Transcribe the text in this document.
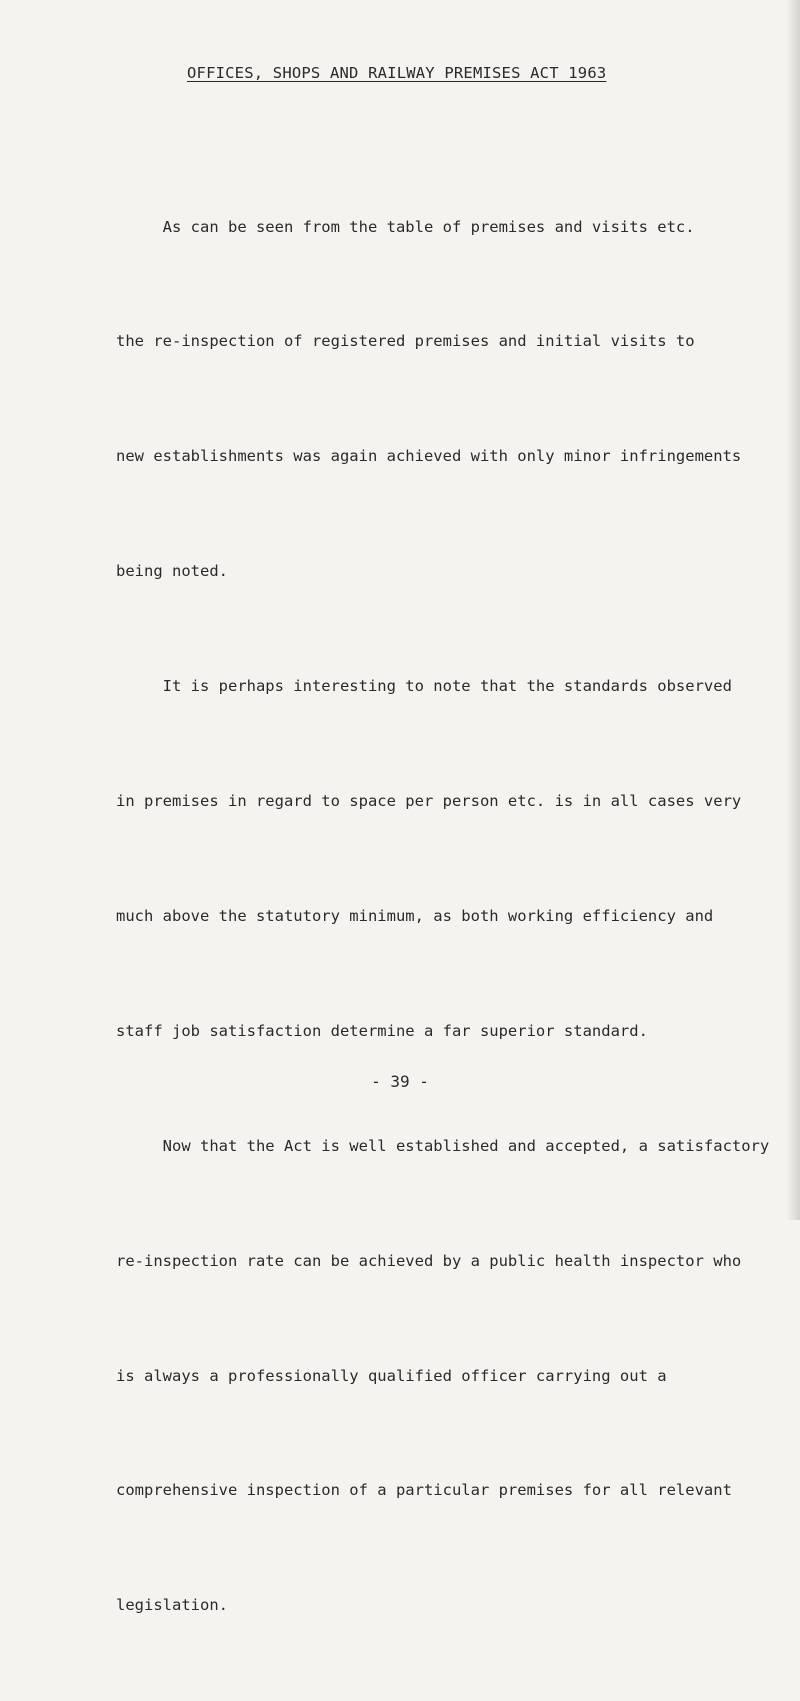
OFFICES, SHOPS AND RAILWAY PREMISES ACT 1963

As can be seen from the table of premises and visits etc.

the re-inspection of registered premises and initial visits to

new establishments was again achieved with only minor infringements

being noted.

It is perhaps interesting to note that the standards observed

in premises in regard to space per person etc. is in all cases very

much above the statutory minimum, as both working efficiency and

staff job satisfaction determine a far superior standard.

Now that the Act is well established and accepted, a satisfactory

re-inspection rate can be achieved by a public health inspector who

is always a professionally qualified officer carrying out a

comprehensive inspection of a particular premises for all relevant

legislation.

- 39 -
